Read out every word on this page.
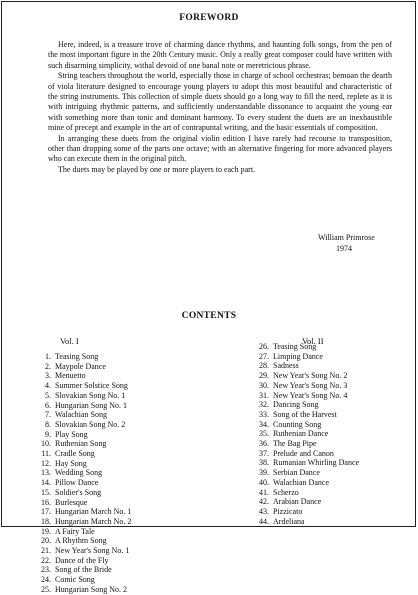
FOREWORD

Here, indeed, is a treasure trove of charming dance rhythms, and haunting folk songs, from the pen of the most important figure in the 20th Century music. Only a really great composer could have written with such disarming simplicity, withal devoid of one banal note or meretricious phrase.

String teachers throughout the world, especially those in charge of school orchestras; bemoan the dearth of viola literature designed to encourage young players to adopt this most beautiful and characteristic of the string instruments. This collection of simple duets should go a long way to fill the need, replete as it is with intriguing rhythmic patterns, and sufficiently understandable dissonance to acquaint the young ear with something more than tonic and dominant harmony. To every student the duets are an inexhaustible mine of precept and example in the art of contrapuntal writing, and the basic essentials of composition.

In arranging these duets from the original violin edition I have rarely had recourse to transposition, other than dropping some of the parts one octave; with an alternative fingering for more advanced players who can execute them in the original pitch.

The duets may be played by one or more players to each part.

William Primrose
1974
CONTENTS
Vol. I	Vol. II
1. Teasing Song
2. Maypole Dance
3. Menuetto
4. Summer Solstice Song
5. Slovakian Song No. 1
6. Hungarian Song No. 1
7. Walachian Song
8. Slovakian Song No. 2
9. Play Song
10. Ruthenian Song
11. Cradle Song
12. Hay Song
13. Wedding Song
14. Pillow Dance
15. Soldier's Song
16. Burlesque
17. Hungarian March No. 1
18. Hungarian March No. 2
19. A Fairy Tale
20. A Rhythm Song
21. New Year's Song No. 1
22. Dance of the Fly
23. Song of the Bride
24. Comic Song
25. Hungarian Song No. 2
26. Teasing Song
27. Limping Dance
28. Sadness
29. New Year's Song No. 2
30. New Year's Song No. 3
31. New Year's Song No. 4
32. Dancing Song
33. Song of the Harvest
34. Counting Song
35. Ruthenian Dance
36. The Bag Pipe
37. Prelude and Canon
38. Rumanian Whirling Dance
39. Serbian Dance
40. Walachian Dance
41. Scherzo
42. Arabian Dance
43. Pizzicato
44. Ardeliana
